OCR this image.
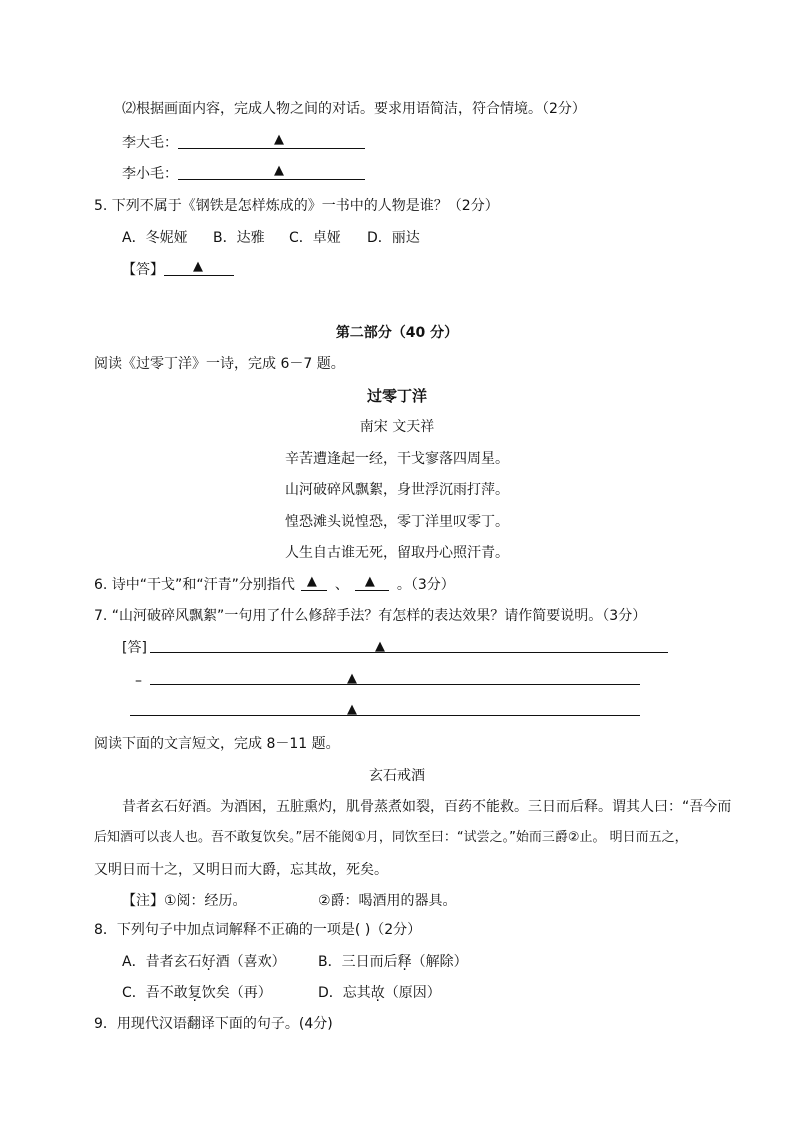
⑵根据画面内容，完成人物之间的对话。要求用语简洁，符合情境。（2分）
李大毛：	▲
李小毛：	▲
5. 下列不属于《钢铁是怎样炼成的》一书中的人物是谁？（2分）
A．冬妮娅 B．达雅 C．卓娅 D．丽达
【答】 ▲
第二部分（40 分）
阅读《过零丁洋》一诗，完成 6－7 题。
过零丁洋
南宋 文天祥
辛苦遭逢起一经，干戈寥落四周星。
山河破碎风飘絮，身世浮沉雨打萍。
惶恐滩头说惶恐，零丁洋里叹零丁。
人生自古谁无死，留取丹心照汗青。
6. 诗中“干戈”和“汗青”分别指代 ▲ 、 ▲ 。（3分）
7. “山河破碎风飘絮”一句用了什么修辞手法？有怎样的表达效果？请作简要说明。（3分）
[答]	▲
–	▲
▲
阅读下面的文言短文，完成 8－11 题。
玄石戒酒
昔者玄石好酒。为酒困，五脏熏灼，肌骨蒸煮如裂，百药不能救。三日而后释。谓其人曰：“吾今而
后知酒可以丧人也。吾不敢复饮矣。”居不能阅①月，同饮至曰：“试尝之。”始而三爵②止。 明日而五之，
又明日而十之，又明日而大爵，忘其故，死矣。
【注】①阅：经历。	②爵：喝酒用的器具。
8．下列句子中加点词解释不正确的一项是( )（2分）
A．昔者玄石好酒（喜欢） B．三日而后释（解除）
C．吾不敢复饮矣（再）	D．忘其故（原因）
9．用现代汉语翻译下面的句子。(4分)
